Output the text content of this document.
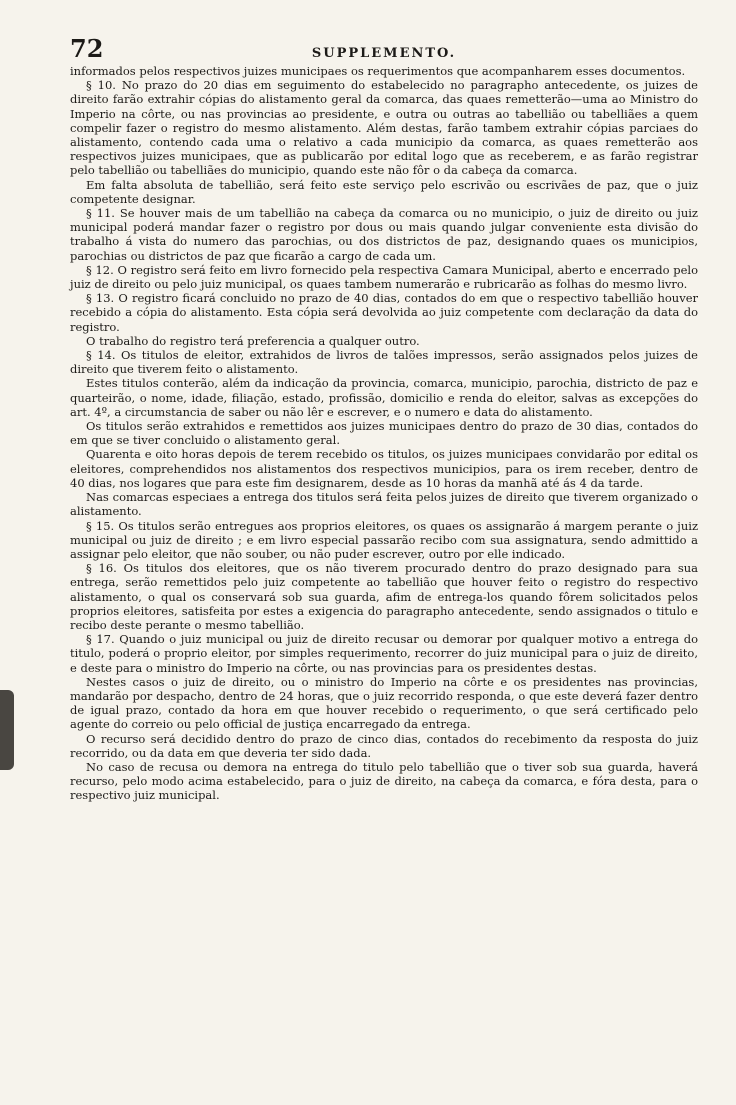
72	SUPPLEMENTO.

informados pelos respectivos juizes municipaes os requerimentos que acompanharem esses documentos.

§ 10. No prazo do 20 dias em seguimento do estabelecido no paragrapho antecedente, os juizes de direito farão extrahir cópias do alistamento geral da comarca, das quaes remetterão—uma ao Ministro do Imperio na côrte, ou nas provincias ao presidente, e outra ou outras ao tabellião ou tabelliães a quem compelir fazer o registro do mesmo alistamento. Além destas, farão tambem extrahir cópias parciaes do alistamento, contendo cada uma o relativo a cada municipio da comarca, as quaes remetterão aos respectivos juizes municipaes, que as publicarão por edital logo que as receberem, e as farão registrar pelo tabellião ou tabelliães do municipio, quando este não fôr o da cabeça da comarca.

Em falta absoluta de tabellião, será feito este serviço pelo escrivão ou escrivães de paz, que o juiz competente designar.

§ 11. Se houver mais de um tabellião na cabeça da comarca ou no municipio, o juiz de direito ou juiz municipal poderá mandar fazer o registro por dous ou mais quando julgar conveniente esta divisão do trabalho á vista do numero das parochias, ou dos districtos de paz, designando quaes os municipios, parochias ou districtos de paz que ficarão a cargo de cada um.

§ 12. O registro será feito em livro fornecido pela respectiva Camara Municipal, aberto e encerrado pelo juiz de direito ou pelo juiz municipal, os quaes tambem numerarão e rubricarão as folhas do mesmo livro.

§ 13. O registro ficará concluido no prazo de 40 dias, contados do em que o respectivo tabellião houver recebido a cópia do alistamento. Esta cópia será devolvida ao juiz competente com declaração da data do registro.

O trabalho do registro terá preferencia a qualquer outro.

§ 14. Os titulos de eleitor, extrahidos de livros de talões impressos, serão assignados pelos juizes de direito que tiverem feito o alistamento.

Estes titulos conterão, além da indicação da provincia, comarca, municipio, parochia, districto de paz e quarteirão, o nome, idade, filiação, estado, profissão, domicilio e renda do eleitor, salvas as excepções do art. 4º, a circumstancia de saber ou não lêr e escrever, e o numero e data do alistamento.

Os titulos serão extrahidos e remettidos aos juizes municipaes dentro do prazo de 30 dias, contados do em que se tiver concluido o alistamento geral.

Quarenta e oito horas depois de terem recebido os titulos, os juizes municipaes convidarão por edital os eleitores, comprehendidos nos alistamentos dos respectivos municipios, para os irem receber, dentro de 40 dias, nos logares que para este fim designarem, desde as 10 horas da manhã até ás 4 da tarde.

Nas comarcas especiaes a entrega dos titulos será feita pelos juizes de direito que tiverem organizado o alistamento.

§ 15. Os titulos serão entregues aos proprios eleitores, os quaes os assignarão á margem perante o juiz municipal ou juiz de direito ; e em livro especial passarão recibo com sua assignatura, sendo admittido a assignar pelo eleitor, que não souber, ou não puder escrever, outro por elle indicado.

§ 16. Os titulos dos eleitores, que os não tiverem procurado dentro do prazo designado para sua entrega, serão remettidos pelo juiz competente ao tabellião que houver feito o registro do respectivo alistamento, o qual os conservará sob sua guarda, afim de entrega-los quando fôrem solicitados pelos proprios eleitores, satisfeita por estes a exigencia do paragrapho antecedente, sendo assignados o titulo e recibo deste perante o mesmo tabellião.

§ 17. Quando o juiz municipal ou juiz de direito recusar ou demorar por qualquer motivo a entrega do titulo, poderá o proprio eleitor, por simples requerimento, recorrer do juiz municipal para o juiz de direito, e deste para o ministro do Imperio na côrte, ou nas provincias para os presidentes destas.

Nestes casos o juiz de direito, ou o ministro do Imperio na côrte e os presidentes nas provincias, mandarão por despacho, dentro de 24 horas, que o juiz recorrido responda, o que este deverá fazer dentro de igual prazo, contado da hora em que houver recebido o requerimento, o que será certificado pelo agente do correio ou pelo official de justiça encarregado da entrega.

O recurso será decidido dentro do prazo de cinco dias, contados do recebimento da resposta do juiz recorrido, ou da data em que deveria ter sido dada.

No caso de recusa ou demora na entrega do titulo pelo tabellião que o tiver sob sua guarda, haverá recurso, pelo modo acima estabelecido, para o juiz de direito, na cabeça da comarca, e fóra desta, para o respectivo juiz municipal.
